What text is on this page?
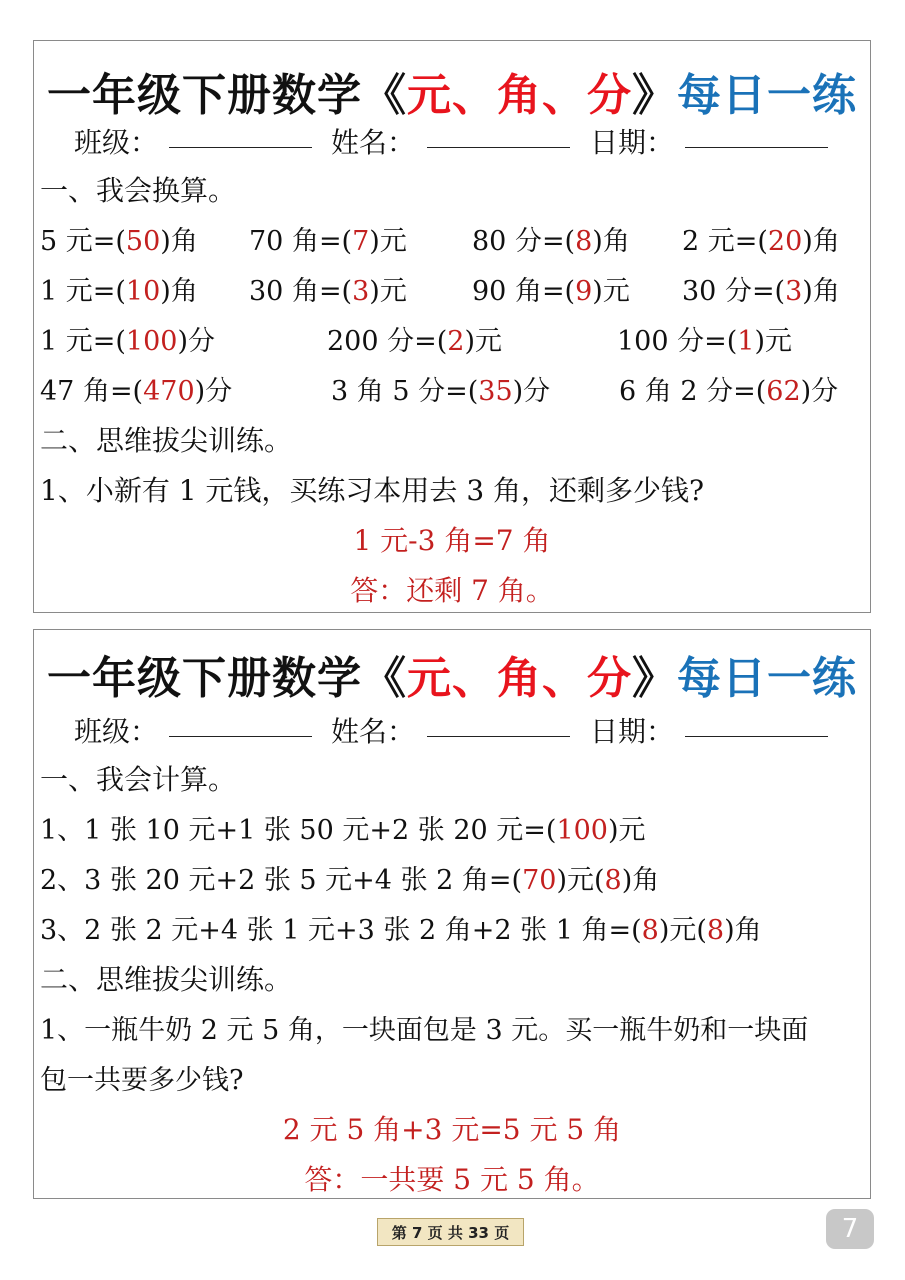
一年级下册数学《元、角、分》每日一练
班级：	姓名：	日期：
一、我会换算。
5 元=(50)角 70 角=(7)元 80 分=(8)角 2 元=(20)角
1 元=(10)角 30 角=(3)元 90 角=(9)元 30 分=(3)角
1 元=(100)分	200 分=(2)元	100 分=(1)元
47 角=(470)分	3 角 5 分=(35)分	6 角 2 分=(62)分
二、思维拔尖训练。
1、小新有 1 元钱，买练习本用去 3 角，还剩多少钱?
1 元-3 角=7 角
答：还剩 7 角。
一年级下册数学《元、角、分》每日一练
班级：	姓名：	日期：
一、我会计算。
1、1 张 10 元+1 张 50 元+2 张 20 元=(100)元
2、3 张 20 元+2 张 5 元+4 张 2 角=(70)元(8)角
3、2 张 2 元+4 张 1 元+3 张 2 角+2 张 1 角=(8)元(8)角
二、思维拔尖训练。
1、一瓶牛奶 2 元 5 角，一块面包是 3 元。买一瓶牛奶和一块面
包一共要多少钱?
2 元 5 角+3 元=5 元 5 角
答：一共要 5 元 5 角。
第 7 页 共 33 页	7
